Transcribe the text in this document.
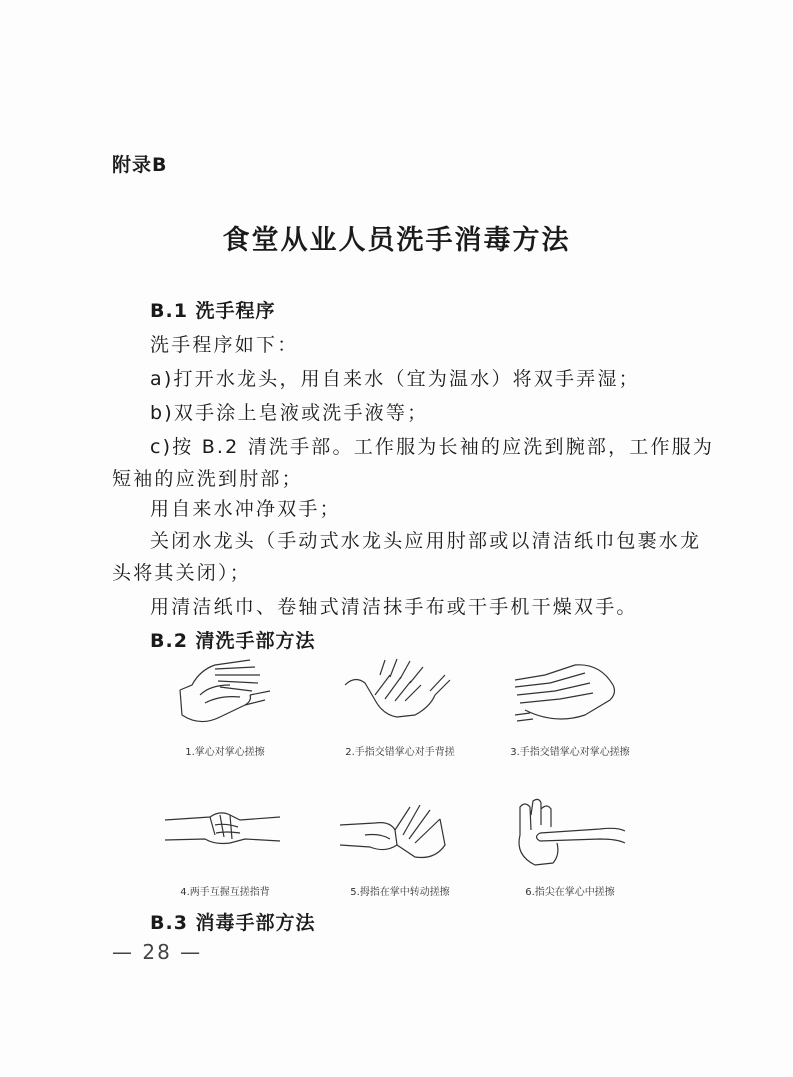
附录B
食堂从业人员洗手消毒方法
B.1 洗手程序
洗手程序如下：
a)打开水龙头，用自来水（宜为温水）将双手弄湿；
b)双手涂上皂液或洗手液等；
c)按 B.2 清洗手部。工作服为长袖的应洗到腕部，工作服为
短袖的应洗到肘部；
用自来水冲净双手；
关闭水龙头（手动式水龙头应用肘部或以清洁纸巾包裹水龙
头将其关闭）；
用清洁纸巾、卷轴式清洁抹手布或干手机干燥双手。
B.2 清洗手部方法
1.掌心对掌心搓擦	2.手指交错掌心对手背搓	3.手指交错掌心对掌心搓擦
4.两手互握互搓指背	5.拇指在掌中转动搓擦	6.指尖在掌心中搓擦
B.3 消毒手部方法
— 28 —
